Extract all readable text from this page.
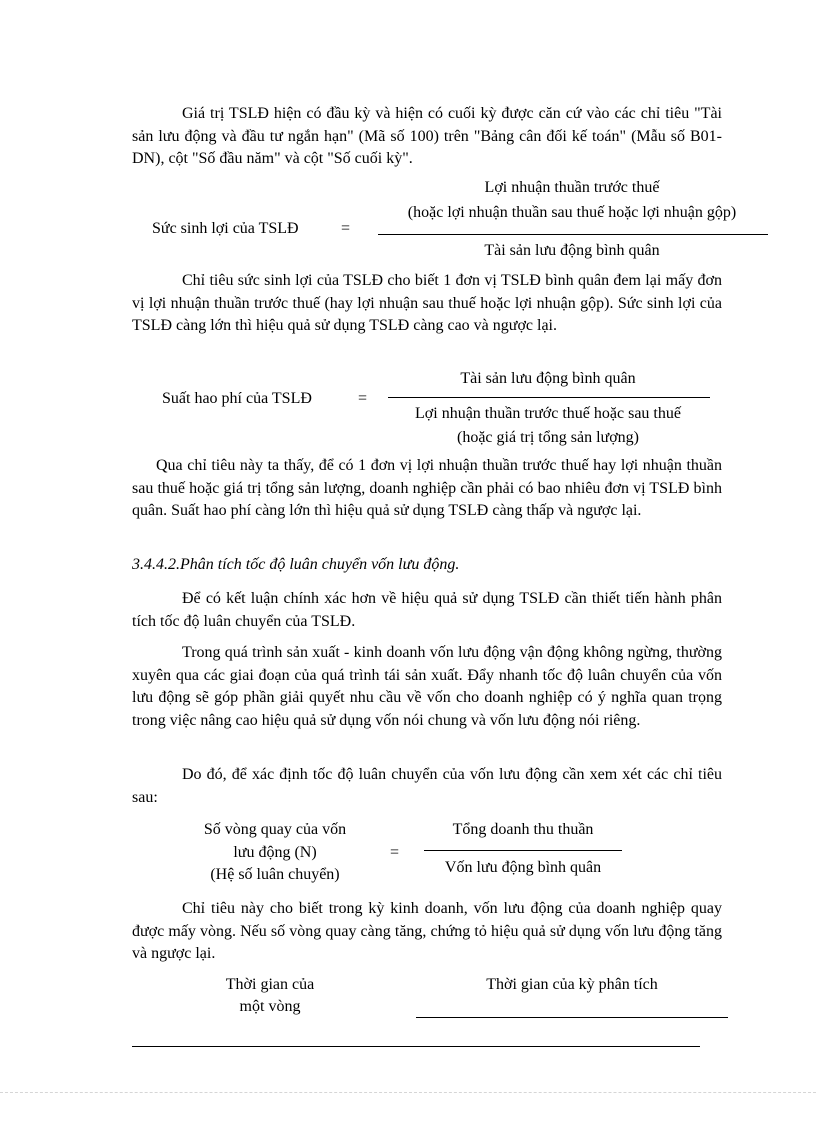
Giá trị TSLĐ hiện có đầu kỳ và hiện có cuối kỳ được căn cứ vào các chỉ tiêu "Tài sản lưu động và đầu tư ngắn hạn" (Mã số 100) trên "Bảng cân đối kế toán" (Mẫu số B01-DN), cột "Số đầu năm" và cột "Số cuối kỳ".

Sức sinh lợi của TSLĐ	=
Lợi nhuận thuần trước thuế
(hoặc lợi nhuận thuần sau thuế hoặc lợi nhuận gộp)
Tài sản lưu động bình quân

Chỉ tiêu sức sinh lợi của TSLĐ cho biết 1 đơn vị TSLĐ bình quân đem lại mấy đơn vị lợi nhuận thuần trước thuế (hay lợi nhuận sau thuế hoặc lợi nhuận gộp). Sức sinh lợi của TSLĐ càng lớn thì hiệu quả sử dụng TSLĐ càng cao và ngược lại.

Suất hao phí của TSLĐ	=
Tài sản lưu động bình quân
Lợi nhuận thuần trước thuế hoặc sau thuế
(hoặc giá trị tổng sản lượng)

Qua chỉ tiêu này ta thấy, để có 1 đơn vị lợi nhuận thuần trước thuế hay lợi nhuận thuần sau thuế hoặc giá trị tổng sản lượng, doanh nghiệp cần phải có bao nhiêu đơn vị TSLĐ bình quân. Suất hao phí càng lớn thì hiệu quả sử dụng TSLĐ càng thấp và ngược lại.

3.4.4.2.Phân tích tốc độ luân chuyển vốn lưu động.

Để có kết luận chính xác hơn về hiệu quả sử dụng TSLĐ cần thiết tiến hành phân tích tốc độ luân chuyển của TSLĐ.

Trong quá trình sản xuất - kinh doanh vốn lưu động vận động không ngừng, thường xuyên qua các giai đoạn của quá trình tái sản xuất. Đẩy nhanh tốc độ luân chuyển của vốn lưu động sẽ góp phần giải quyết nhu cầu về vốn cho doanh nghiệp có ý nghĩa quan trọng trong việc nâng cao hiệu quả sử dụng vốn nói chung và vốn lưu động nói riêng.

Do đó, để xác định tốc độ luân chuyển của vốn lưu động cần xem xét các chỉ tiêu sau:

Số vòng quay của vốn
lưu động (N)
(Hệ số luân chuyển)
=
Tổng doanh thu thuần
Vốn lưu động bình quân

Chỉ tiêu này cho biết trong kỳ kinh doanh, vốn lưu động của doanh nghiệp quay được mấy vòng. Nếu số vòng quay càng tăng, chứng tỏ hiệu quả sử dụng vốn lưu động tăng và ngược lại.

Thời gian của
một vòng
Thời gian của kỳ phân tích
